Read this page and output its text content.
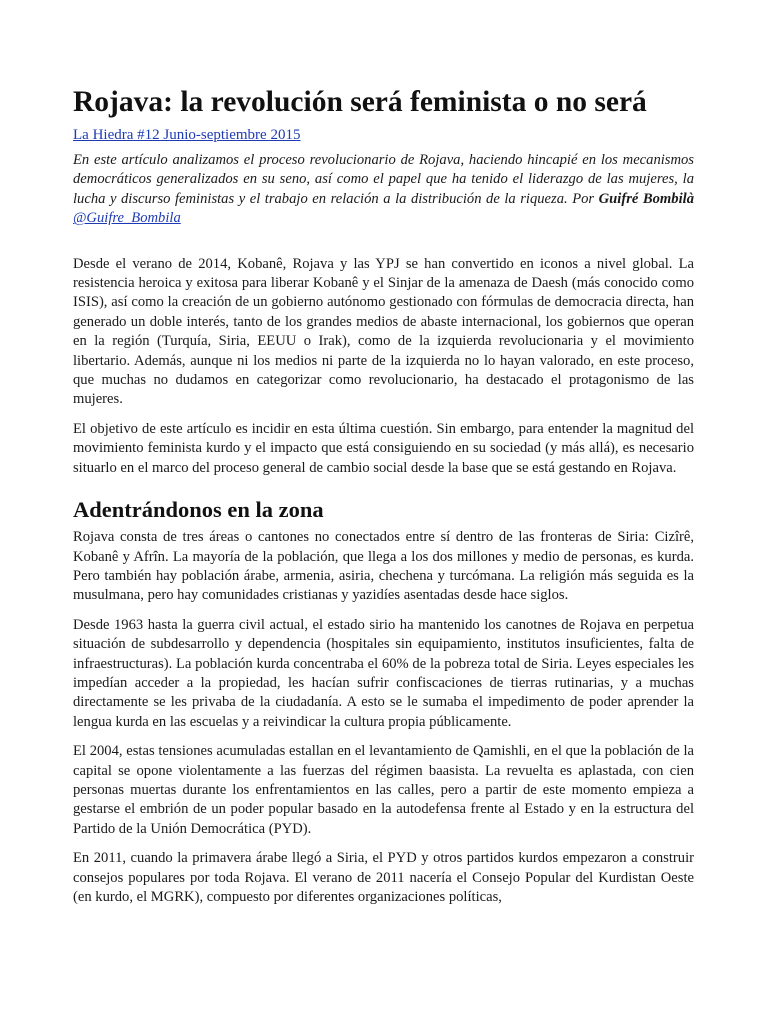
Rojava: la revolución será feminista o no será
La Hiedra #12 Junio-septiembre 2015

En este artículo analizamos el proceso revolucionario de Rojava, haciendo hincapié en los mecanismos democráticos generalizados en su seno, así como el papel que ha tenido el liderazgo de las mujeres, la lucha y discurso feministas y el trabajo en relación a la distribución de la riqueza. Por Guifré Bombilà @Guifre_Bombila

Desde el verano de 2014, Kobanê, Rojava y las YPJ se han convertido en iconos a nivel global. La resistencia heroica y exitosa para liberar Kobanê y el Sinjar de la amenaza de Daesh (más conocido como ISIS), así como la creación de un gobierno autónomo gestionado con fórmulas de democracia directa, han generado un doble interés, tanto de los grandes medios de abaste internacional, los gobiernos que operan en la región (Turquía, Siria, EEUU o Irak), como de la izquierda revolucionaria y el movimiento libertario. Además, aunque ni los medios ni parte de la izquierda no lo hayan valorado, en este proceso, que muchas no dudamos en categorizar como revolucionario, ha destacado el protagonismo de las mujeres.

El objetivo de este artículo es incidir en esta última cuestión. Sin embargo, para entender la magnitud del movimiento feminista kurdo y el impacto que está consiguiendo en su sociedad (y más allá), es necesario situarlo en el marco del proceso general de cambio social desde la base que se está gestando en Rojava.

Adentrándonos en la zona

Rojava consta de tres áreas o cantones no conectados entre sí dentro de las fronteras de Siria: Cizîrê, Kobanê y Afrîn. La mayoría de la población, que llega a los dos millones y medio de personas, es kurda. Pero también hay población árabe, armenia, asiria, chechena y turcómana. La religión más seguida es la musulmana, pero hay comunidades cristianas y yazidíes asentadas desde hace siglos.

Desde 1963 hasta la guerra civil actual, el estado sirio ha mantenido los canotnes de Rojava en perpetua situación de subdesarrollo y dependencia (hospitales sin equipamiento, institutos insuficientes, falta de infraestructuras). La población kurda concentraba el 60% de la pobreza total de Siria. Leyes especiales les impedían acceder a la propiedad, les hacían sufrir confiscaciones de tierras rutinarias, y a muchas directamente se les privaba de la ciudadanía. A esto se le sumaba el impedimento de poder aprender la lengua kurda en las escuelas y a reivindicar la cultura propia públicamente.

El 2004, estas tensiones acumuladas estallan en el levantamiento de Qamishli, en el que la población de la capital se opone violentamente a las fuerzas del régimen baasista. La revuelta es aplastada, con cien personas muertas durante los enfrentamientos en las calles, pero a partir de este momento empieza a gestarse el embrión de un poder popular basado en la autodefensa frente al Estado y en la estructura del Partido de la Unión Democrática (PYD).

En 2011, cuando la primavera árabe llegó a Siria, el PYD y otros partidos kurdos empezaron a construir consejos populares por toda Rojava. El verano de 2011 nacería el Consejo Popular del Kurdistan Oeste (en kurdo, el MGRK), compuesto por diferentes organizaciones políticas,
